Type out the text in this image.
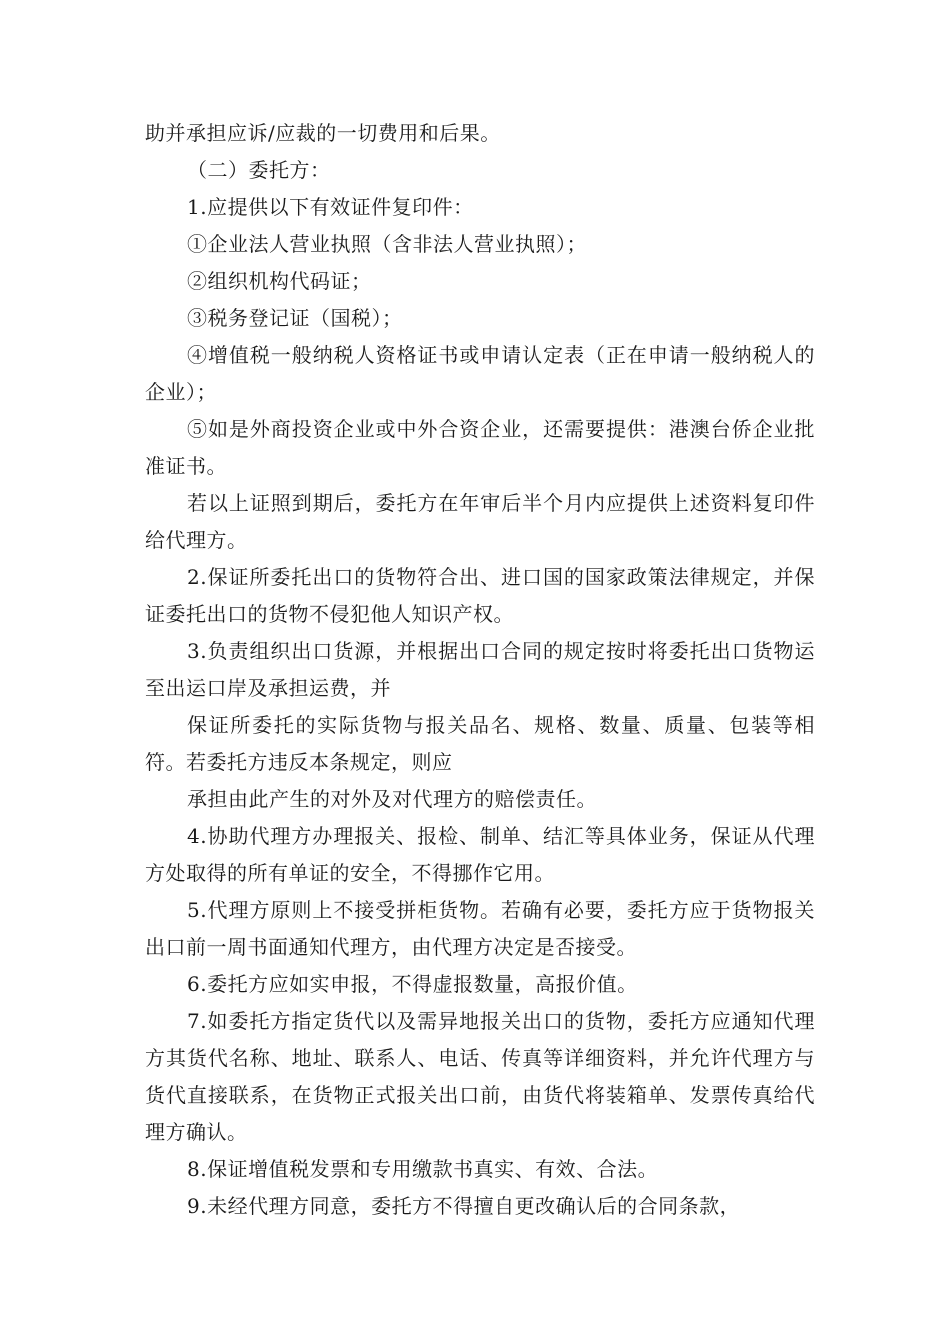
助并承担应诉/应裁的一切费用和后果。

（二）委托方：

1.应提供以下有效证件复印件：

①企业法人营业执照（含非法人营业执照）；

②组织机构代码证；

③税务登记证（国税）；

④增值税一般纳税人资格证书或申请认定表（正在申请一般纳税人的企业）；

⑤如是外商投资企业或中外合资企业，还需要提供：港澳台侨企业批准证书。

若以上证照到期后，委托方在年审后半个月内应提供上述资料复印件给代理方。

2.保证所委托出口的货物符合出、进口国的国家政策法律规定，并保证委托出口的货物不侵犯他人知识产权。

3.负责组织出口货源，并根据出口合同的规定按时将委托出口货物运至出运口岸及承担运费，并

保证所委托的实际货物与报关品名、规格、数量、质量、包装等相符。若委托方违反本条规定，则应

承担由此产生的对外及对代理方的赔偿责任。

4.协助代理方办理报关、报检、制单、结汇等具体业务，保证从代理方处取得的所有单证的安全，不得挪作它用。

5.代理方原则上不接受拼柜货物。若确有必要，委托方应于货物报关出口前一周书面通知代理方，由代理方决定是否接受。

6.委托方应如实申报，不得虚报数量，高报价值。

7.如委托方指定货代以及需异地报关出口的货物，委托方应通知代理方其货代名称、地址、联系人、电话、传真等详细资料，并允许代理方与货代直接联系，在货物正式报关出口前，由货代将装箱单、发票传真给代理方确认。

8.保证增值税发票和专用缴款书真实、有效、合法。

9.未经代理方同意，委托方不得擅自更改确认后的合同条款，
